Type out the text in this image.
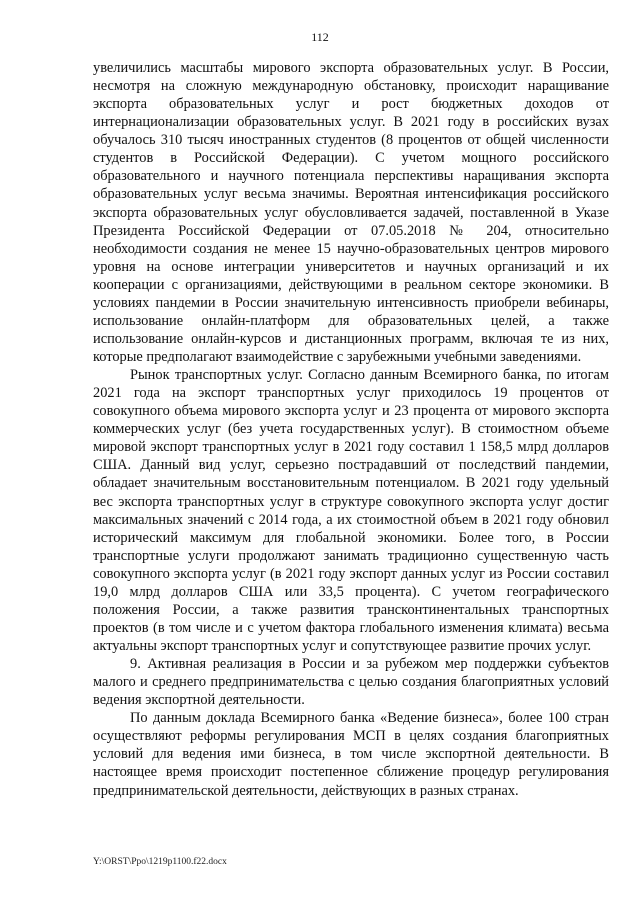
112

увеличились масштабы мирового экспорта образовательных услуг. В России, несмотря на сложную международную обстановку, происходит наращивание экспорта образовательных услуг и рост бюджетных доходов от интернационализации образовательных услуг. В 2021 году в российских вузах обучалось 310 тысяч иностранных студентов (8 процентов от общей численности студентов в Российской Федерации). С учетом мощного российского образовательного и научного потенциала перспективы наращивания экспорта образовательных услуг весьма значимы. Вероятная интенсификация российского экспорта образовательных услуг обусловливается задачей, поставленной в Указе Президента Российской Федерации от 07.05.2018 № 204, относительно необходимости создания не менее 15 научно-образовательных центров мирового уровня на основе интеграции университетов и научных организаций и их кооперации с организациями, действующими в реальном секторе экономики. В условиях пандемии в России значительную интенсивность приобрели вебинары, использование онлайн-платформ для образовательных целей, а также использование онлайн-курсов и дистанционных программ, включая те из них, которые предполагают взаимодействие с зарубежными учебными заведениями.

Рынок транспортных услуг. Согласно данным Всемирного банка, по итогам 2021 года на экспорт транспортных услуг приходилось 19 процентов от совокупного объема мирового экспорта услуг и 23 процента от мирового экспорта коммерческих услуг (без учета государственных услуг). В стоимостном объеме мировой экспорт транспортных услуг в 2021 году составил 1 158,5 млрд долларов США. Данный вид услуг, серьезно пострадавший от последствий пандемии, обладает значительным восстановительным потенциалом. В 2021 году удельный вес экспорта транспортных услуг в структуре совокупного экспорта услуг достиг максимальных значений с 2014 года, а их стоимостной объем в 2021 году обновил исторический максимум для глобальной экономики. Более того, в России транспортные услуги продолжают занимать традиционно существенную часть совокупного экспорта услуг (в 2021 году экспорт данных услуг из России составил 19,0 млрд долларов США или 33,5 процента). С учетом географического положения России, а также развития трансконтинентальных транспортных проектов (в том числе и с учетом фактора глобального изменения климата) весьма актуальны экспорт транспортных услуг и сопутствующее развитие прочих услуг.

9. Активная реализация в России и за рубежом мер поддержки субъектов малого и среднего предпринимательства с целью создания благоприятных условий ведения экспортной деятельности.

По данным доклада Всемирного банка «Ведение бизнеса», более 100 стран осуществляют реформы регулирования МСП в целях создания благоприятных условий для ведения ими бизнеса, в том числе экспортной деятельности. В настоящее время происходит постепенное сближение процедур регулирования предпринимательской деятельности, действующих в разных странах.

Y:\ORST\Ppo\1219p1100.f22.docx
